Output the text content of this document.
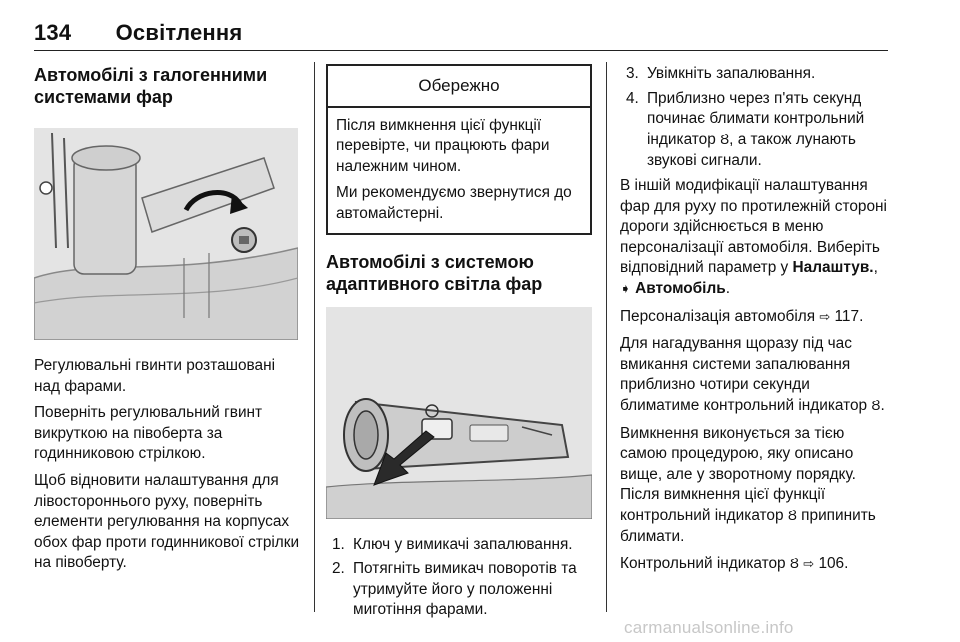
134 Освітлення
Автомобілі з галогенними системами фар

Регулювальні гвинти розташовані над фарами.

Поверніть регулювальний гвинт викруткою на півоберта за годинниковою стрілкою.

Щоб відновити налаштування для лівостороннього руху, поверніть елементи регулювання на корпусах обох фар проти годинникової стрілки на півоберту.

Обережно

Після вимкнення цієї функції перевірте, чи працюють фари належним чином.

Ми рекомендуємо звернутися до автомайстерні.

Автомобілі з системою адаптивного світла фар
1. Ключ у вимикачі запалювання.
2. Потягніть вимикач поворотів та утримуйте його у положенні миготіння фарами.
3. Увімкніть запалювання.
4. Приблизно через п'ять секунд починає блимати контрольний індикатор Ȣ, а також лунають звукові сигнали.

В іншій модифікації налаштування фар для руху по протилежній стороні дороги здійснюється в меню персоналізації автомобіля. Виберіть відповідний параметр у Налаштув., ➧ Автомобіль.

Персоналізація автомобіля ⇨ 117.

Для нагадування щоразу під час вмикання системи запалювання приблизно чотири секунди блиматиме контрольний індикатор Ȣ.

Вимкнення виконується за тією самою процедурою, яку описано вище, але у зворотному порядку. Після вимкнення цієї функції контрольний індикатор Ȣ припинить блимати.

Контрольний індикатор Ȣ ⇨ 106.

carmanualsonline.info
